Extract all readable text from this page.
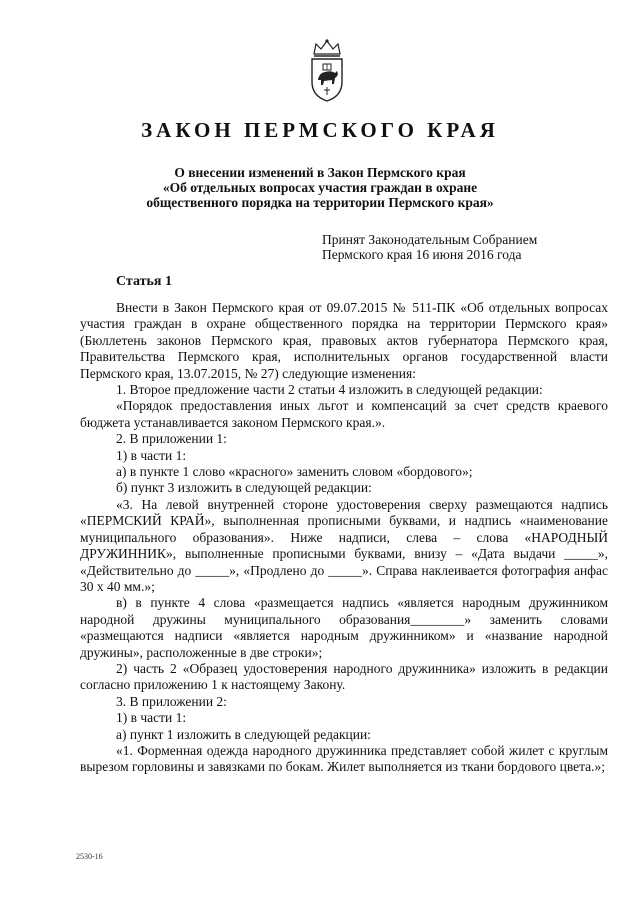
ЗАКОН ПЕРМСКОГО КРАЯ
О внесении изменений в Закон Пермского края
«Об отдельных вопросах участия граждан в охране
общественного порядка на территории Пермского края»
Принят Законодательным Собранием
Пермского края 16 июня 2016 года
Статья 1

Внести в Закон Пермского края от 09.07.2015 № 511-ПК «Об отдельных вопросах участия граждан в охране общественного порядка на территории Пермского края» (Бюллетень законов Пермского края, правовых актов губернатора Пермского края, Правительства Пермского края, исполнительных органов государственной власти Пермского края, 13.07.2015, № 27) следующие изменения:

1. Второе предложение части 2 статьи 4 изложить в следующей редакции:

«Порядок предоставления иных льгот и компенсаций за счет средств краевого бюджета устанавливается законом Пермского края.».

2. В приложении 1:

1) в части 1:

а) в пункте 1 слово «красного» заменить словом «бордового»;

б) пункт 3 изложить в следующей редакции:

«3. На левой внутренней стороне удостоверения сверху размещаются надпись «ПЕРМСКИЙ КРАЙ», выполненная прописными буквами, и надпись «наименование муниципального образования». Ниже надписи, слева – слова «НАРОДНЫЙ ДРУЖИННИК», выполненные прописными буквами, внизу – «Дата выдачи _____», «Действительно до _____», «Продлено до _____». Справа наклеивается фотография анфас 30 х 40 мм.»;

в) в пункте 4 слова «размещается надпись «является народным дружинником народной дружины муниципального образования________» заменить словами «размещаются надписи «является народным дружинником» и «название народной дружины», расположенные в две строки»;

2) часть 2 «Образец удостоверения народного дружинника» изложить в редакции согласно приложению 1 к настоящему Закону.

3. В приложении 2:

1) в части 1:

а) пункт 1 изложить в следующей редакции:

«1. Форменная одежда народного дружинника представляет собой жилет с круглым вырезом горловины и завязками по бокам. Жилет выполняется из ткани бордового цвета.»;

2530-16
